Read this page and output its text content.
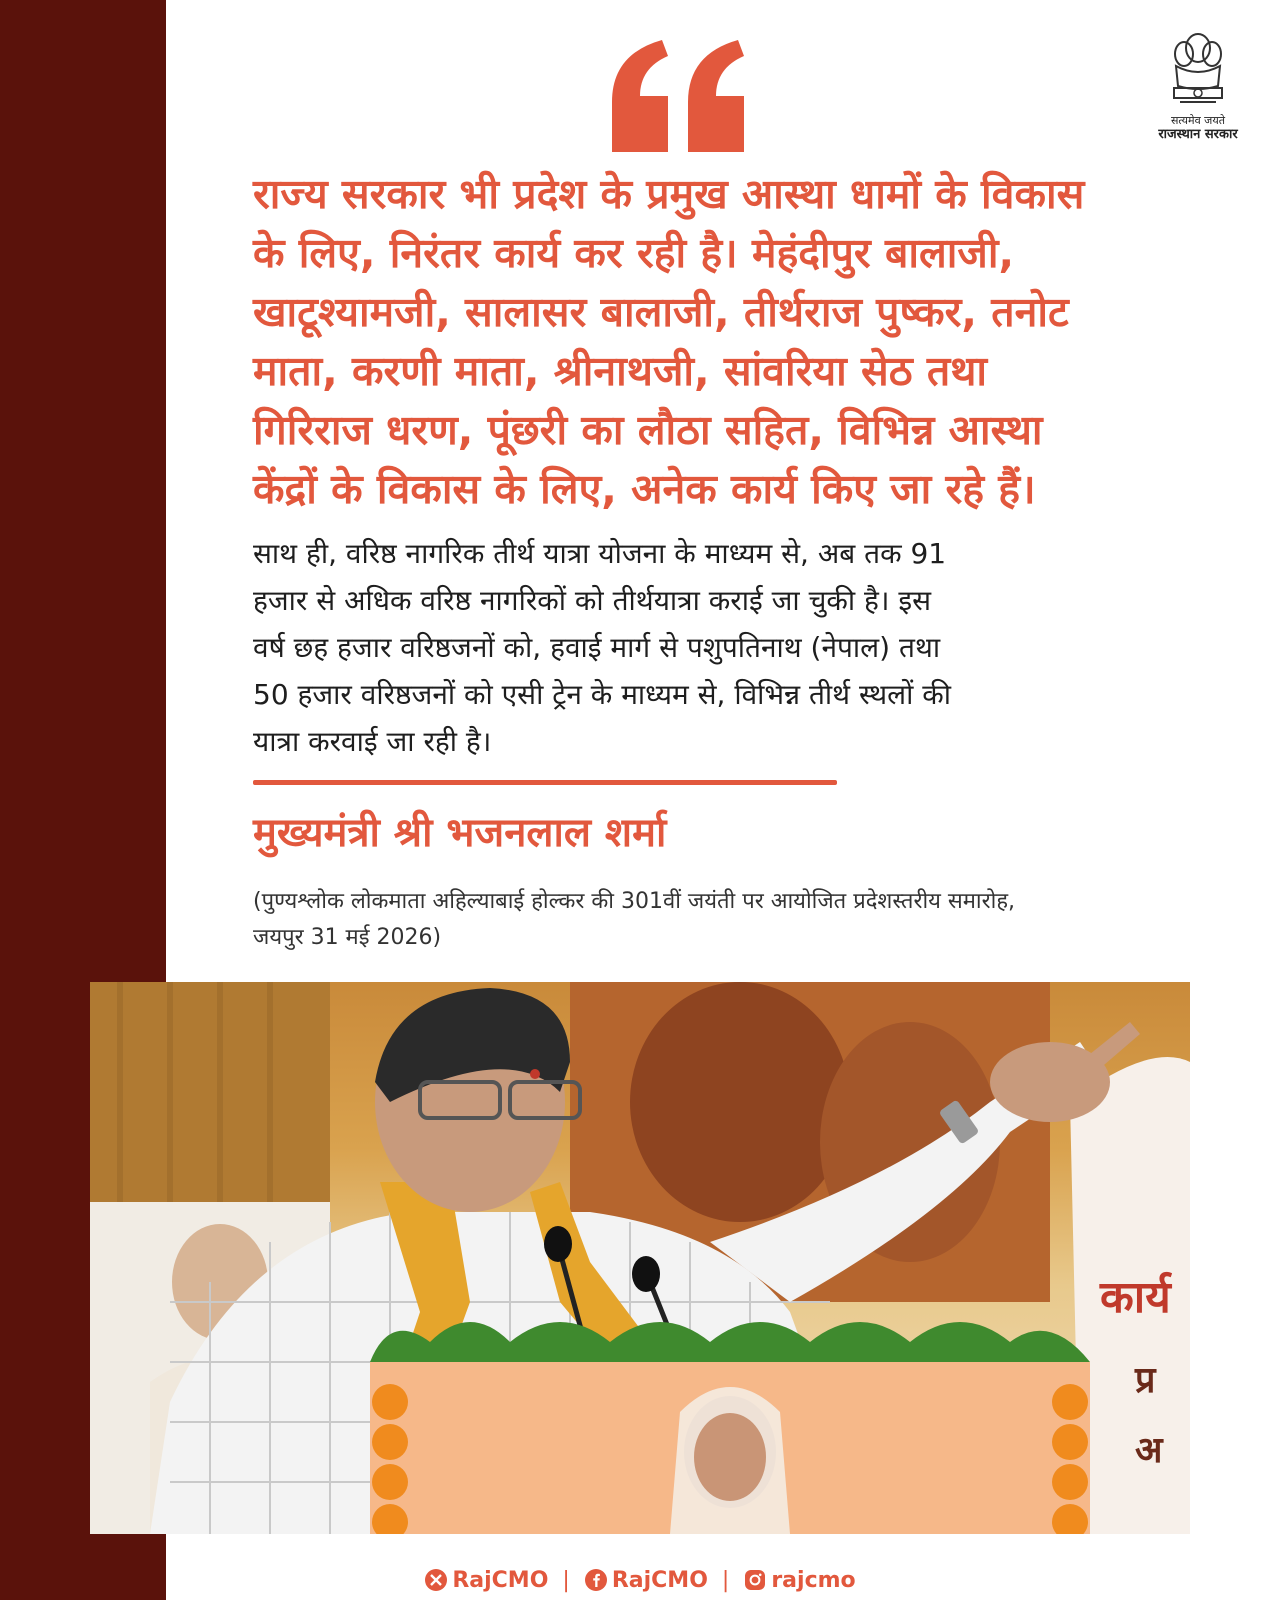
सत्यमेव जयते
राजस्थान सरकार
राज्य सरकार भी प्रदेश के प्रमुख आस्था धामों के विकास
के लिए, निरंतर कार्य कर रही है। मेहंदीपुर बालाजी,
खाटूश्यामजी, सालासर बालाजी, तीर्थराज पुष्कर, तनोट
माता, करणी माता, श्रीनाथजी, सांवरिया सेठ तथा
गिरिराज धरण, पूंछरी का लौठा सहित, विभिन्न आस्था
केंद्रों के विकास के लिए, अनेक कार्य किए जा रहे हैं।
साथ ही, वरिष्ठ नागरिक तीर्थ यात्रा योजना के माध्यम से, अब तक 91
हजार से अधिक वरिष्ठ नागरिकों को तीर्थयात्रा कराई जा चुकी है। इस
वर्ष छह हजार वरिष्ठजनों को, हवाई मार्ग से पशुपतिनाथ (नेपाल) तथा
50 हजार वरिष्ठजनों को एसी ट्रेन के माध्यम से, विभिन्न तीर्थ स्थलों की
यात्रा करवाई जा रही है।
मुख्यमंत्री श्री भजनलाल शर्मा
(पुण्यश्लोक लोकमाता अहिल्याबाई होल्कर की 301वीं जयंती पर आयोजित प्रदेशस्तरीय समारोह,
जयपुर 31 मई 2026)
कार्य
प्र
अ
RajCMO | RajCMO | rajcmo
